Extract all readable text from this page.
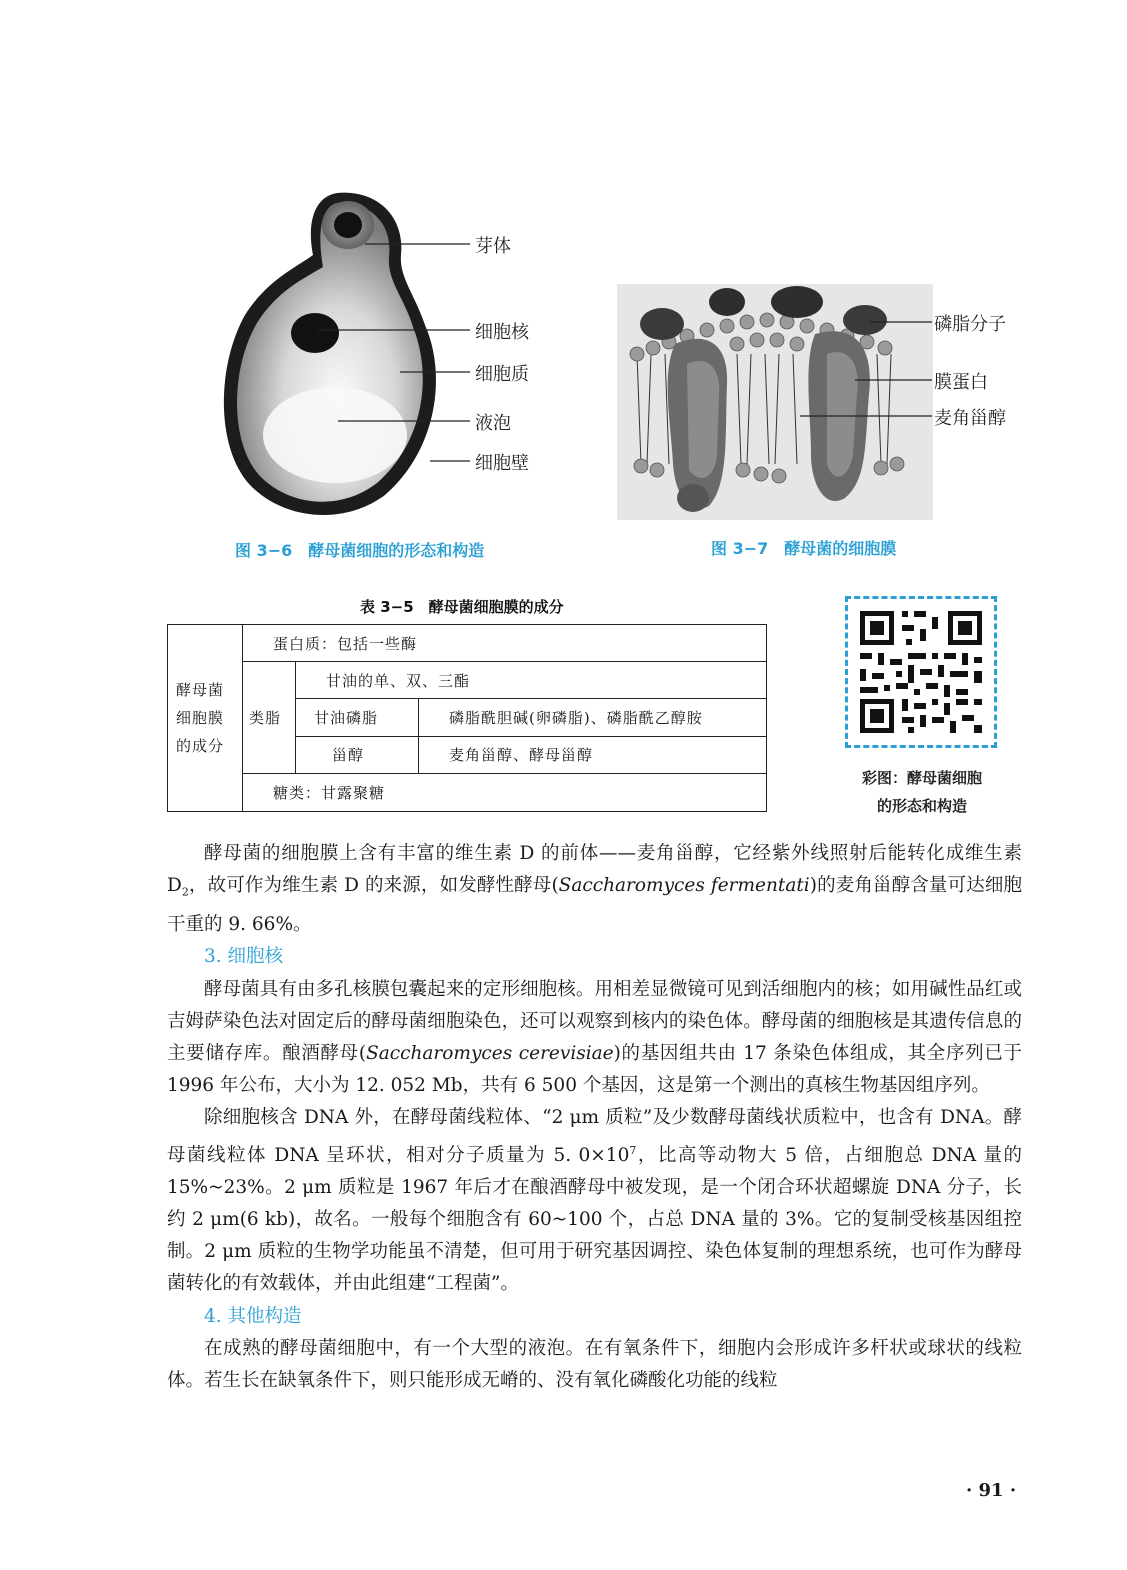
芽体
细胞核
细胞质
液泡
细胞壁
图 3−6　酵母菌细胞的形态和构造
磷脂分子
膜蛋白
麦角甾醇
图 3−7　酵母菌的细胞膜
表 3−5　酵母菌细胞膜的成分
酵母菌细胞膜的成分	蛋白质：包括一些酶		
	类脂	甘油的单、双、三酯	
		甘油磷脂	磷脂酰胆碱(卵磷脂)、磷脂酰乙醇胺
		甾醇	麦角甾醇、酵母甾醇
	糖类：甘露聚糖		
彩图：酵母菌细胞
的形态和构造

酵母菌的细胞膜上含有丰富的维生素 D 的前体——麦角甾醇，它经紫外线照射后能转化成维生素 $D_2$，故可作为维生素 D 的来源，如发酵性酵母(Saccharomyces fermentati)的麦角甾醇含量可达细胞干重的 9. 66%。

3. 细胞核

酵母菌具有由多孔核膜包囊起来的定形细胞核。用相差显微镜可见到活细胞内的核；如用碱性品红或吉姆萨染色法对固定后的酵母菌细胞染色，还可以观察到核内的染色体。酵母菌的细胞核是其遗传信息的主要储存库。酿酒酵母(Saccharomyces cerevisiae)的基因组共由 17 条染色体组成，其全序列已于 1996 年公布，大小为 12. 052 Mb，共有 6 500 个基因，这是第一个测出的真核生物基因组序列。

除细胞核含 DNA 外，在酵母菌线粒体、“2 μm 质粒”及少数酵母菌线状质粒中，也含有 DNA。酵母菌线粒体 DNA 呈环状，相对分子质量为 5. $0\times 10^7$，比高等动物大 5 倍，占细胞总 DNA 量的 15%~23%。2 μm 质粒是 1967 年后才在酿酒酵母中被发现，是一个闭合环状超螺旋 DNA 分子，长约 2 μm(6 kb)，故名。一般每个细胞含有 60~100 个，占总 DNA 量的 3%。它的复制受核基因组控制。2 μm 质粒的生物学功能虽不清楚，但可用于研究基因调控、染色体复制的理想系统，也可作为酵母菌转化的有效载体，并由此组建“工程菌”。

4. 其他构造

在成熟的酵母菌细胞中，有一个大型的液泡。在有氧条件下，细胞内会形成许多杆状或球状的线粒体。若生长在缺氧条件下，则只能形成无嵴的、没有氧化磷酸化功能的线粒

· 91 ·
